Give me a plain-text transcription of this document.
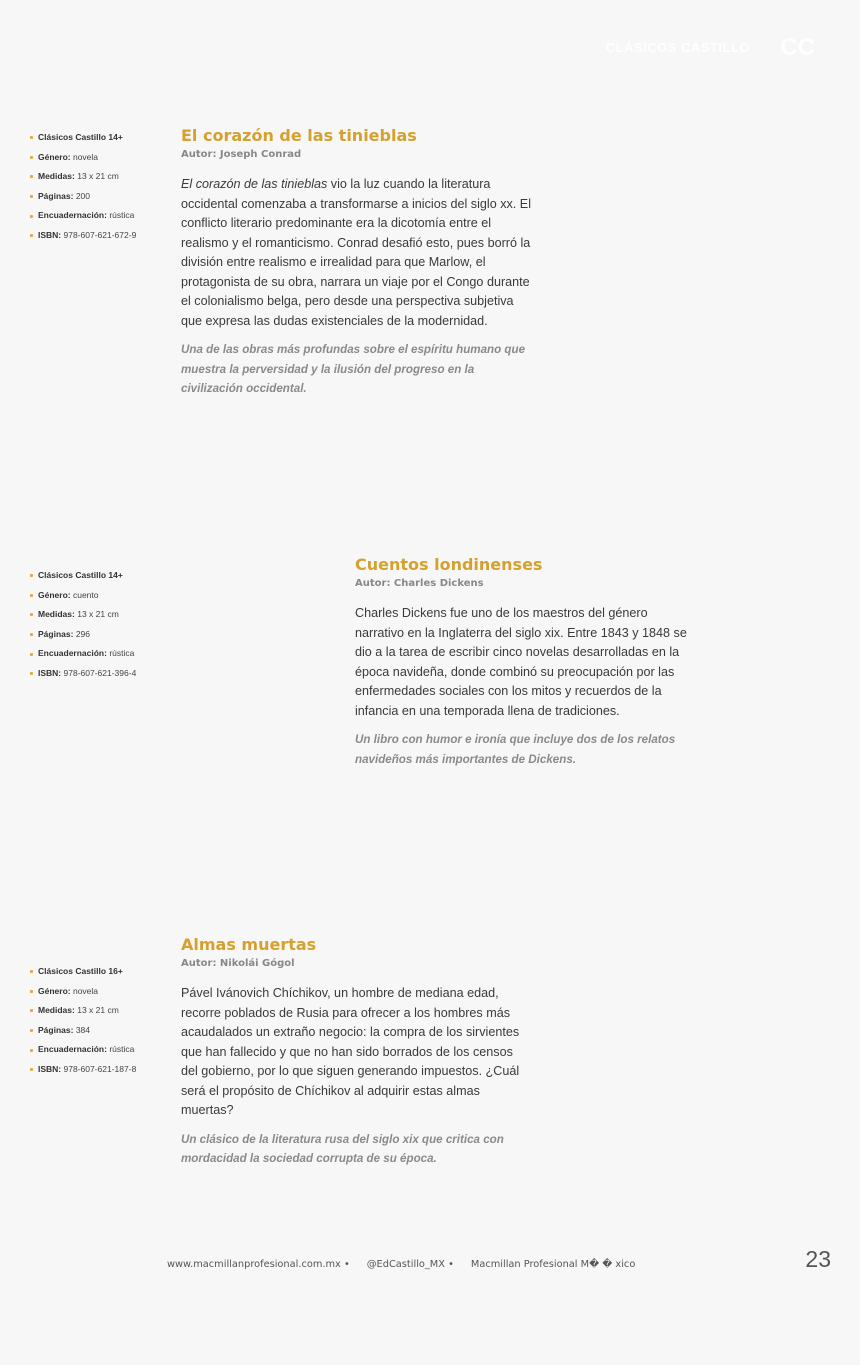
CLÁSICOS CASTILLO CC
Clásicos Castillo 14+
Género: novela
Medidas: 13 x 21 cm
Páginas: 200
Encuadernación: rústica
ISBN: 978-607-621-672-9
El corazón de las tinieblas
Autor: Joseph Conrad

El corazón de las tinieblas vio la luz cuando la literatura occidental comenzaba a transformarse a inicios del siglo xx. El conflicto literario predominante era la dicotomía entre el realismo y el romanticismo. Conrad desafió esto, pues borró la división entre realismo e irrealidad para que Marlow, el protagonista de su obra, narrara un viaje por el Congo durante el colonialismo belga, pero desde una perspectiva subjetiva que expresa las dudas existenciales de la modernidad.

Una de las obras más profundas sobre el espíritu humano que muestra la perversidad y la ilusión del progreso en la civilización occidental.

Clásicos Castillo 14+
Género: cuento
Medidas: 13 x 21 cm
Páginas: 296
Encuadernación: rústica
ISBN: 978-607-621-396-4
Cuentos londinenses
Autor: Charles Dickens

Charles Dickens fue uno de los maestros del género narrativo en la Inglaterra del siglo xix. Entre 1843 y 1848 se dio a la tarea de escribir cinco novelas desarrolladas en la época navideña, donde combinó su preocupación por las enfermedades sociales con los mitos y recuerdos de la infancia en una temporada llena de tradiciones.

Un libro con humor e ironía que incluye dos de los relatos navideños más importantes de Dickens.

Clásicos Castillo 16+
Género: novela
Medidas: 13 x 21 cm
Páginas: 384
Encuadernación: rústica
ISBN: 978-607-621-187-8
Almas muertas
Autor: Nikolái Gógol

Pável Ivánovich Chíchikov, un hombre de mediana edad, recorre poblados de Rusia para ofrecer a los hombres más acaudalados un extraño negocio: la compra de los sirvientes que han fallecido y que no han sido borrados de los censos del gobierno, por lo que siguen generando impuestos. ¿Cuál será el propósito de Chíchikov al adquirir estas almas muertas?

Un clásico de la literatura rusa del siglo xix que critica con mordacidad la sociedad corrupta de su época.

www.macmillanprofesional.com.mx • @EdCastillo_MX • Macmillan Profesional M� � xico	23
